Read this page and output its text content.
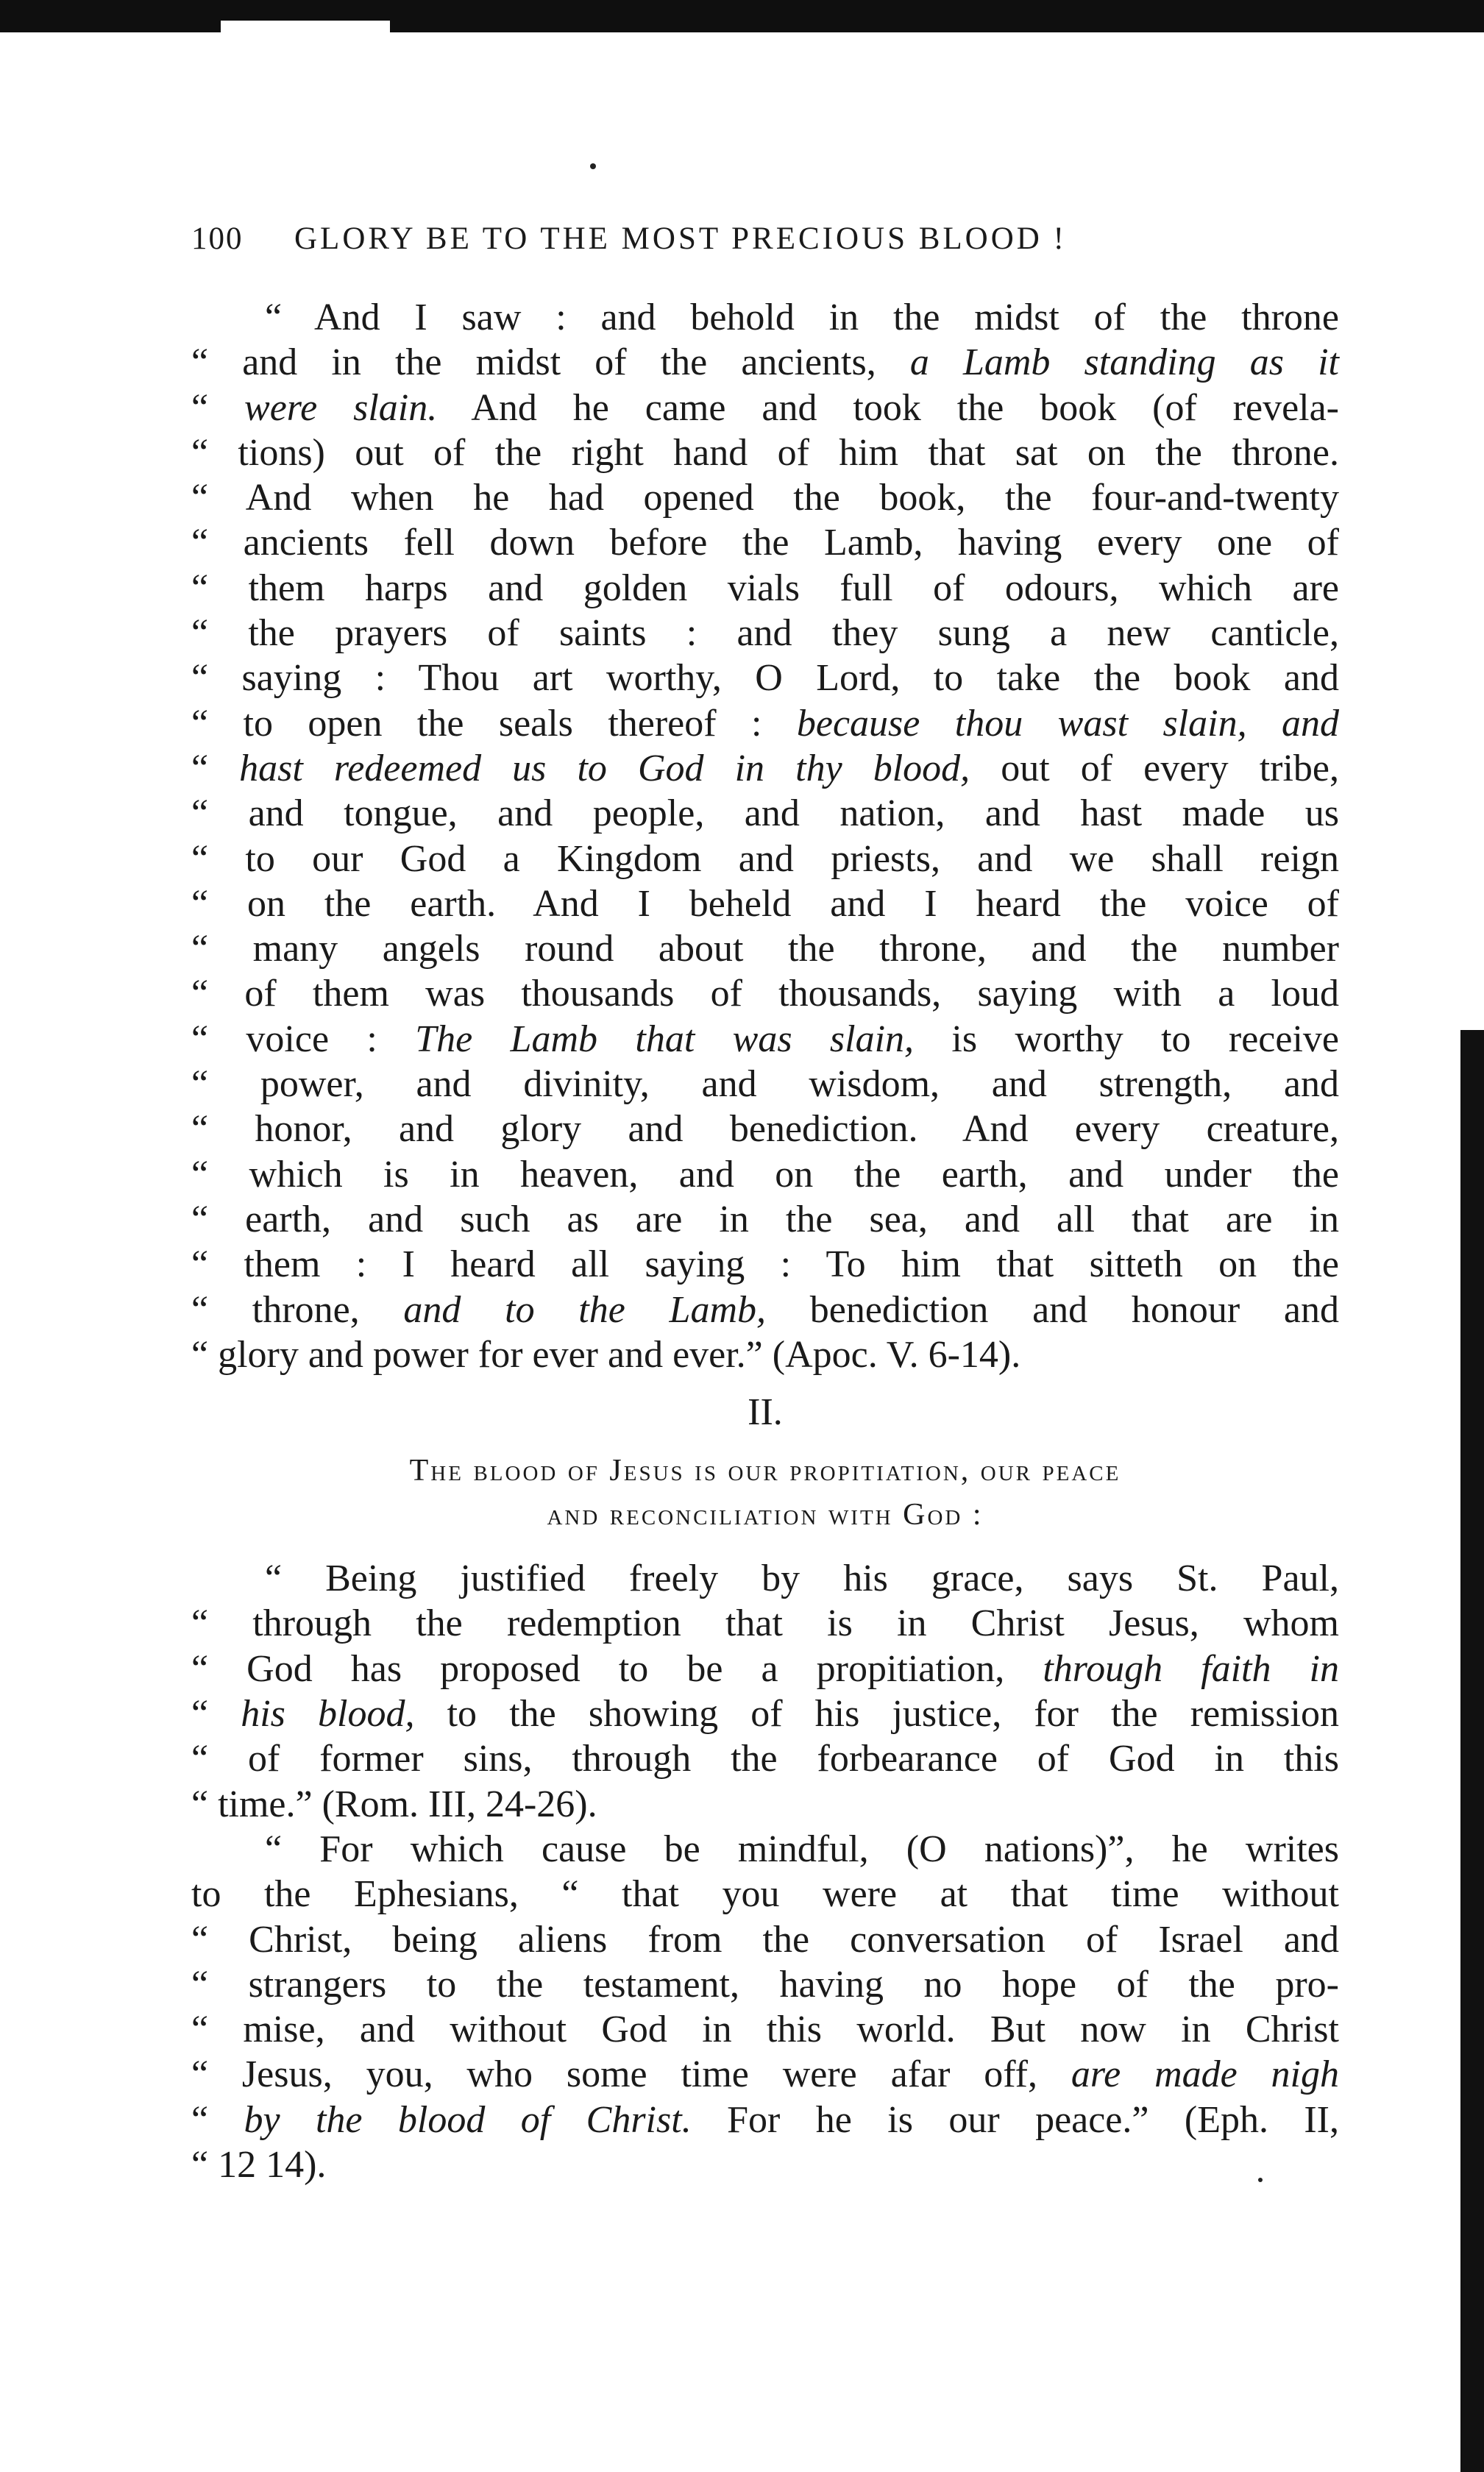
100	GLORY BE TO THE MOST PRECIOUS BLOOD !
“ And I saw : and behold in the midst of the throne
“ and in the midst of the ancients, a Lamb standing as it
“ were slain. And he came and took the book (of revela-
“ tions) out of the right hand of him that sat on the throne.
“ And when he had opened the book, the four-and-twenty
“ ancients fell down before the Lamb, having every one of
“ them harps and golden vials full of odours, which are
“ the prayers of saints : and they sung a new canticle,
“ saying : Thou art worthy, O Lord, to take the book and
“ to open the seals thereof : because thou wast slain, and
“ hast redeemed us to God in thy blood, out of every tribe,
“ and tongue, and people, and nation, and hast made us
“ to our God a Kingdom and priests, and we shall reign
“ on the earth. And I beheld and I heard the voice of
“ many angels round about the throne, and the number
“ of them was thousands of thousands, saying with a loud
“ voice : The Lamb that was slain, is worthy to receive
“ power, and divinity, and wisdom, and strength, and
“ honor, and glory and benediction. And every creature,
“ which is in heaven, and on the earth, and under the
“ earth, and such as are in the sea, and all that are in
“ them : I heard all saying : To him that sitteth on the
“ throne, and to the Lamb, benediction and honour and
“ glory and power for ever and ever.” (Apoc. V. 6-14).
II.
The blood of Jesus is our propitiation, our peace
and reconciliation with God :
“ Being justified freely by his grace, says St. Paul,
“ through the redemption that is in Christ Jesus, whom
“ God has proposed to be a propitiation, through faith in
“ his blood, to the showing of his justice, for the remission
“ of former sins, through the forbearance of God in this
“ time.” (Rom. III, 24-26).
“ For which cause be mindful, (O nations)”, he writes
to the Ephesians, “ that you were at that time without
“ Christ, being aliens from the conversation of Israel and
“ strangers to the testament, having no hope of the pro-
“ mise, and without God in this world. But now in Christ
“ Jesus, you, who some time were afar off, are made nigh
“ by the blood of Christ. For he is our peace.” (Eph. II,
“ 12 14).
